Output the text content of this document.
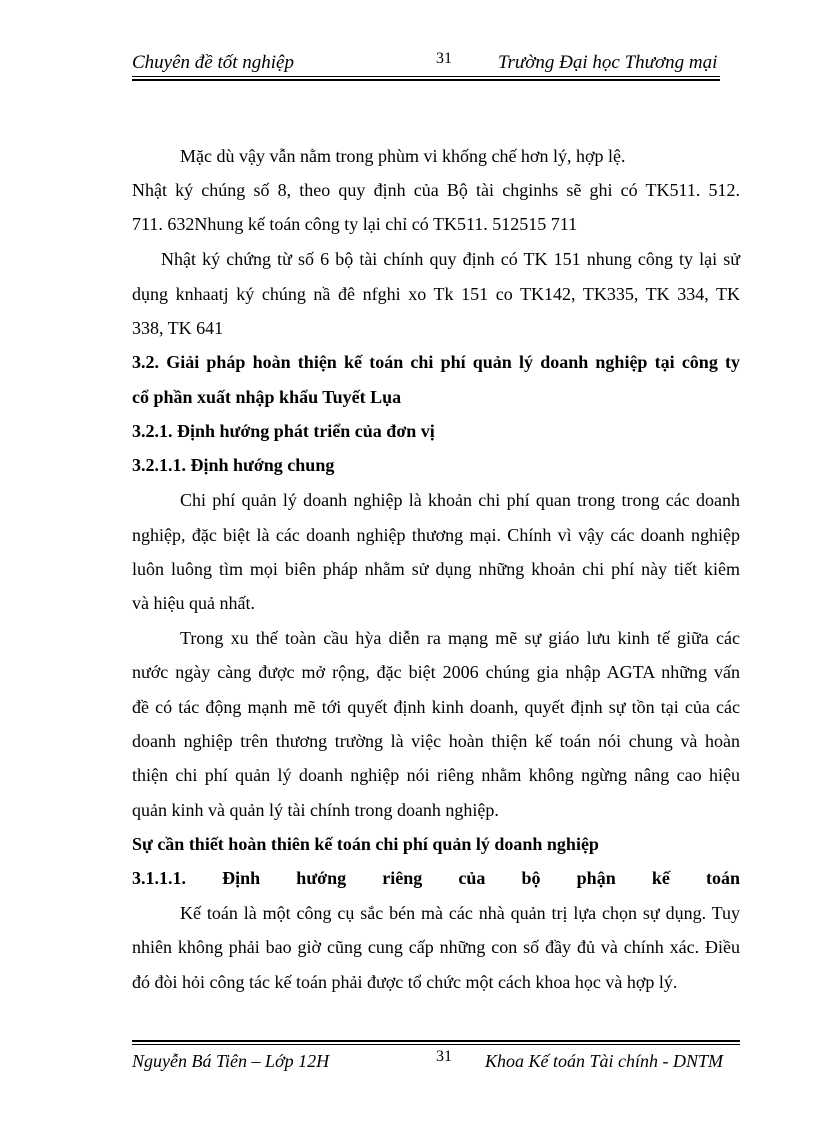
Chuyên đề tốt nghiệp	31 Trường Đại học Thương mại

Mặc dù vậy vẫn nằm trong phùm vi khống chế hơn lý, hợp lệ.

Nhật ký chúng số 8, theo quy định của Bộ tài chginhs sẽ ghi có TK511. 512.

711. 632Nhung kế toán công ty lại chỉ có TK511. 512515 711

Nhật ký chứng từ số 6 bộ tài chính quy định có TK 151 nhung công ty lại sử

dụng knhaatj ký chúng nầ đê nfghi xo Tk 151 co TK142, TK335, TK 334, TK

338, TK 641

3.2. Giải pháp hoàn thiện kế toán chi phí quản lý doanh nghiệp tại công ty

cổ phần xuất nhập khẩu Tuyết Lụa

3.2.1. Định hướng phát triển của đơn vị

3.2.1.1. Định hướng chung

Chi phí quản lý doanh nghiệp là khoản chi phí quan trong trong các doanh

nghiệp, đặc biệt là các doanh nghiệp thương mại. Chính vì vậy các doanh nghiệp

luôn luông tìm mọi biên pháp nhằm sử dụng những khoản chi phí này tiết kiêm

và hiệu quả nhất.

Trong xu thế toàn cầu hỳa diễn ra mạng mẽ sự giáo lưu kinh tế giữa các

nước ngày càng được mở rộng, đặc biệt 2006 chúng gia nhập AGTA những vấn

đề có tác động mạnh mẽ tới quyết định kinh doanh, quyết định sự tồn tại của các

doanh nghiệp trên thương trường là việc hoàn thiện kế toán nói chung và hoàn

thiện chi phí quản lý doanh nghiệp nói riêng nhằm không ngừng nâng cao hiệu

quản kinh và quản lý tài chính trong doanh nghiệp.

Sự cần thiết hoàn thiên kế toán chi phí quản lý doanh nghiệp

3.1.1.1. Định hướng riêng của bộ phận kế toán

Kế toán là một công cụ sắc bén mà các nhà quản trị lựa chọn sự dụng. Tuy

nhiên không phải bao giờ cũng cung cấp những con số đầy đủ và chính xác. Điều

đó đòi hỏi công tác kế toán phải được tổ chức một cách khoa học và hợp lý.

Nguyễn Bá Tiên – Lớp 12H	31 Khoa Kế toán Tài chính - DNTM
